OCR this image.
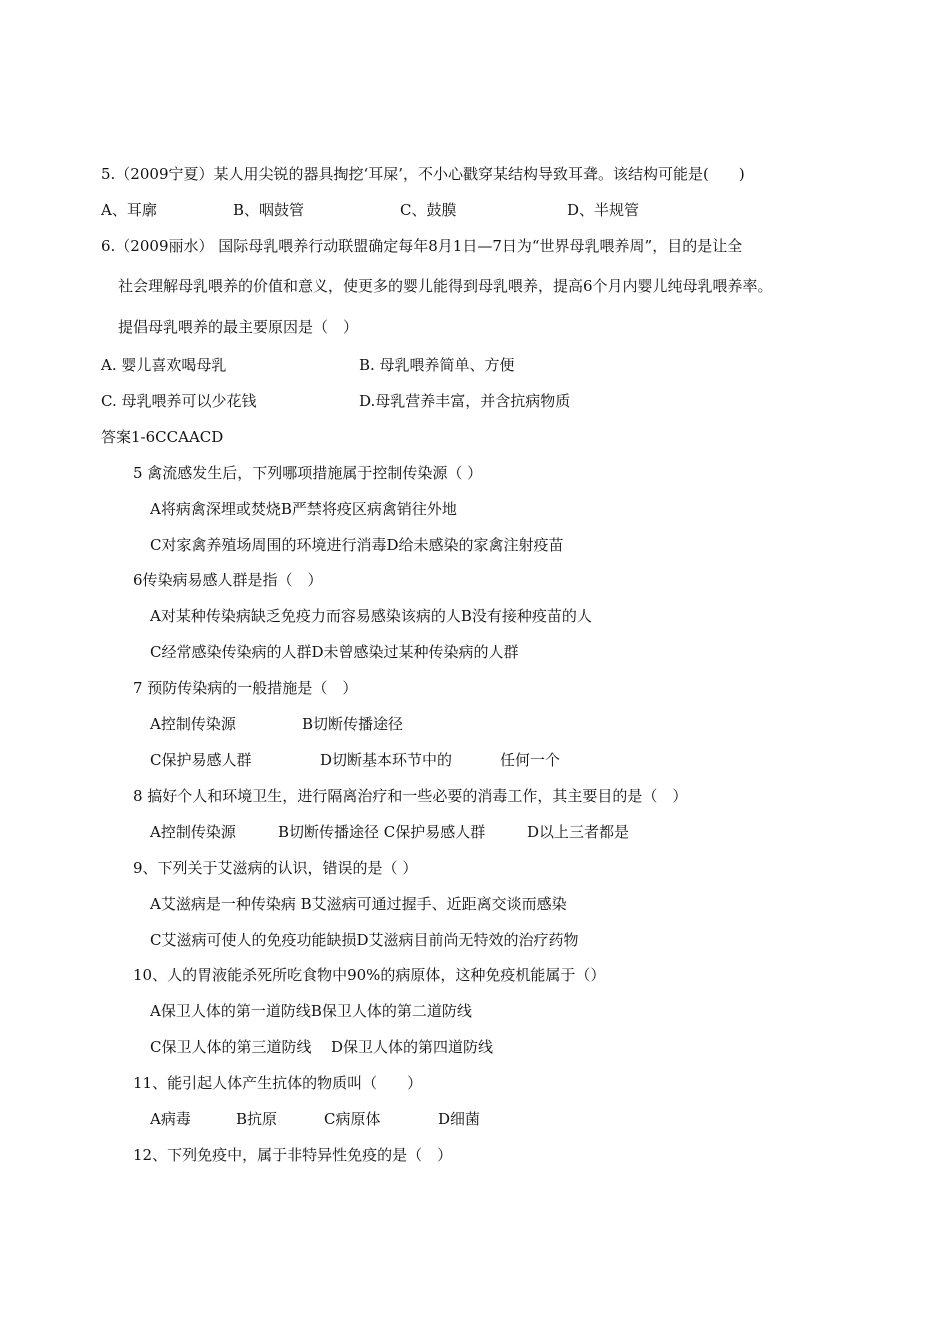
5.（2009宁夏）某人用尖锐的器具掏挖‘耳屎’，不小心戳穿某结构导致耳聋。该结构可能是(　　)
A、耳廓	B、咽鼓管	C、鼓膜	D、半规管
6.（2009丽水） 国际母乳喂养行动联盟确定每年8月1日—7日为“世界母乳喂养周”，目的是让全
社会理解母乳喂养的价值和意义，使更多的婴儿能得到母乳喂养，提高6个月内婴儿纯母乳喂养率。
提倡母乳喂养的最主要原因是（　）
A. 婴儿喜欢喝母乳	B. 母乳喂养简单、方便
C. 母乳喂养可以少花钱	D.母乳营养丰富，并含抗病物质
答案1-6CCAACD
5 禽流感发生后，下列哪项措施属于控制传染源（ ）
A将病禽深埋或焚烧B严禁将疫区病禽销往外地
C对家禽养殖场周围的环境进行消毒D给未感染的家禽注射疫苗
6传染病易感人群是指（　）
A对某种传染病缺乏免疫力而容易感染该病的人B没有接种疫苗的人
C经常感染传染病的人群D未曾感染过某种传染病的人群
7 预防传染病的一般措施是（　）
A控制传染源	B切断传播途径
C保护易感人群	D切断基本环节中的	任何一个
8 搞好个人和环境卫生，进行隔离治疗和一些必要的消毒工作，其主要目的是（　）
A控制传染源	B切断传播途径 C保护易感人群	D以上三者都是
9、下列关于艾滋病的认识，错误的是（ ）
A艾滋病是一种传染病 B艾滋病可通过握手、近距离交谈而感染
C艾滋病可使人的免疫功能缺损D艾滋病目前尚无特效的治疗药物
10、人的胃液能杀死所吃食物中90%的病原体，这种免疫机能属于（）
A保卫人体的第一道防线B保卫人体的第二道防线
C保卫人体的第三道防线 D保卫人体的第四道防线
11、能引起人体产生抗体的物质叫（　　）
A病毒	B抗原	C病原体	D细菌
12、下列免疫中，属于非特异性免疫的是（　）
